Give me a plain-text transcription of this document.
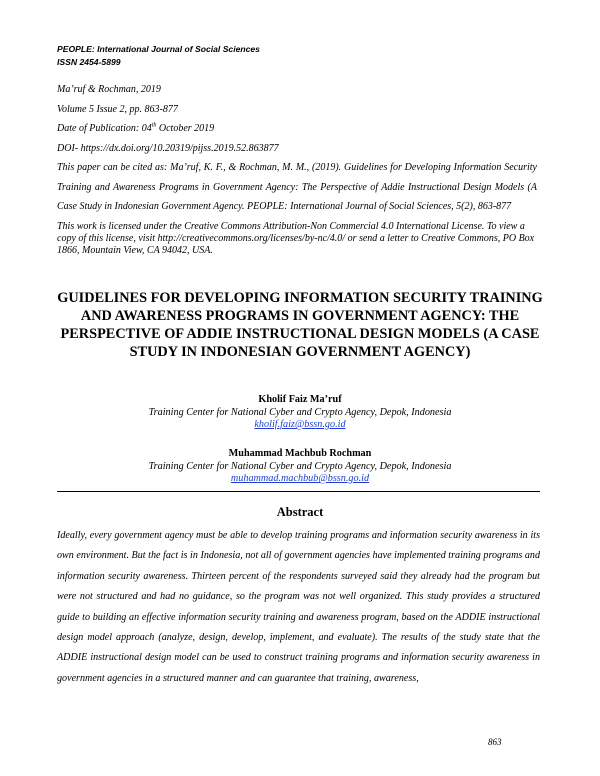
PEOPLE: International Journal of Social Sciences
ISSN 2454-5899
Ma’ruf & Rochman, 2019
Volume 5 Issue 2, pp. 863-877
Date of Publication: 04th October 2019
DOI- https://dx.doi.org/10.20319/pijss.2019.52.863877
This paper can be cited as: Ma’ruf, K. F., & Rochman, M. M., (2019). Guidelines for Developing Information Security Training and Awareness Programs in Government Agency: The Perspective of Addie Instructional Design Models (A Case Study in Indonesian Government Agency. PEOPLE: International Journal of Social Sciences, 5(2), 863-877
This work is licensed under the Creative Commons Attribution-Non Commercial 4.0 International License. To view a copy of this license, visit http://creativecommons.org/licenses/by-nc/4.0/ or send a letter to Creative Commons, PO Box 1866, Mountain View, CA 94042, USA.
GUIDELINES FOR DEVELOPING INFORMATION SECURITY TRAINING AND AWARENESS PROGRAMS IN GOVERNMENT AGENCY: THE PERSPECTIVE OF ADDIE INSTRUCTIONAL DESIGN MODELS (A CASE STUDY IN INDONESIAN GOVERNMENT AGENCY)
Kholif Faiz Ma’ruf
Training Center for National Cyber and Crypto Agency, Depok, Indonesia
kholif.faiz@bssn.go.id
Muhammad Machbub Rochman
Training Center for National Cyber and Crypto Agency, Depok, Indonesia
muhammad.machbub@bssn.go.id
Abstract
Ideally, every government agency must be able to develop training programs and information security awareness in its own environment. But the fact is in Indonesia, not all of government agencies have implemented training programs and information security awareness. Thirteen percent of the respondents surveyed said they already had the program but were not structured and had no guidance, so the program was not well organized. This study provides a structured guide to building an effective information security training and awareness program, based on the ADDIE instructional design model approach (analyze, design, develop, implement, and evaluate). The results of the study state that the ADDIE instructional design model can be used to construct training programs and information security awareness in government agencies in a structured manner and can guarantee that training, awareness,
863
